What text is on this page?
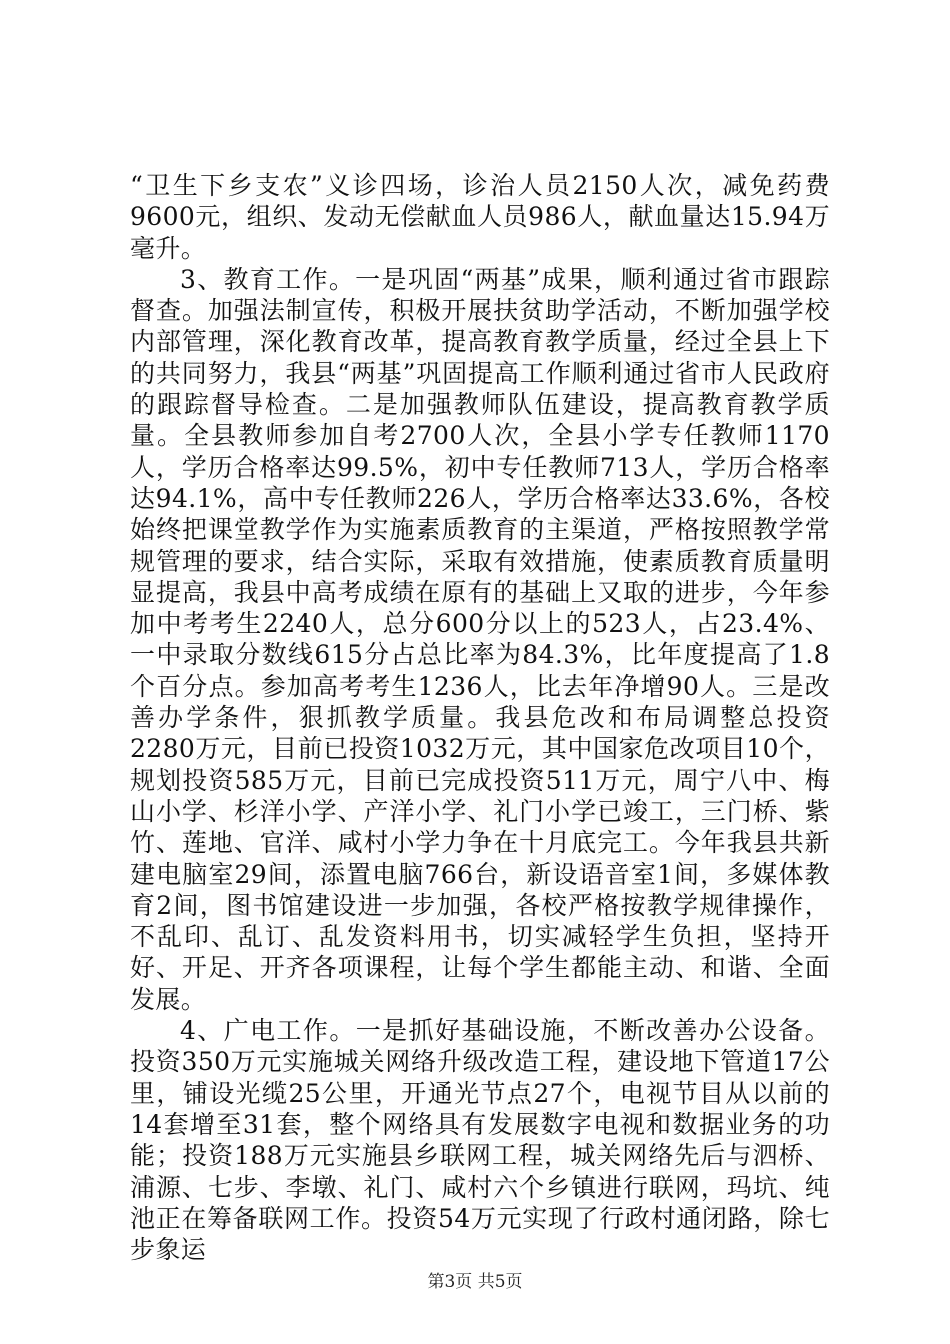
“卫生下乡支农”义诊四场，诊治人员2150人次，减免药费9600元，组织、发动无偿献血人员986人，献血量达15.94万毫升。

3、教育工作。一是巩固“两基”成果，顺利通过省市跟踪督查。加强法制宣传，积极开展扶贫助学活动，不断加强学校内部管理，深化教育改革，提高教育教学质量，经过全县上下的共同努力，我县“两基”巩固提高工作顺利通过省市人民政府的跟踪督导检查。二是加强教师队伍建设，提高教育教学质量。全县教师参加自考2700人次，全县小学专任教师1170人，学历合格率达99.5%，初中专任教师713人，学历合格率达94.1%，高中专任教师226人，学历合格率达33.6%，各校始终把课堂教学作为实施素质教育的主渠道，严格按照教学常规管理的要求，结合实际，采取有效措施，使素质教育质量明显提高，我县中高考成绩在原有的基础上又取的进步，今年参加中考考生2240人，总分600分以上的523人，占23.4%、一中录取分数线615分占总比率为84.3%，比年度提高了1.8个百分点。参加高考考生1236人，比去年净增90人。三是改善办学条件，狠抓教学质量。我县危改和布局调整总投资2280万元，目前已投资1032万元，其中国家危改项目10个，规划投资585万元，目前已完成投资511万元，周宁八中、梅山小学、杉洋小学、产洋小学、礼门小学已竣工，三门桥、紫竹、莲地、官洋、咸村小学力争在十月底完工。今年我县共新建电脑室29间，添置电脑766台，新设语音室1间，多媒体教育2间，图书馆建设进一步加强，各校严格按教学规律操作，不乱印、乱订、乱发资料用书，切实减轻学生负担，坚持开好、开足、开齐各项课程，让每个学生都能主动、和谐、全面发展。

4、广电工作。一是抓好基础设施，不断改善办公设备。投资350万元实施城关网络升级改造工程，建设地下管道17公里，铺设光缆25公里，开通光节点27个，电视节目从以前的14套增至31套，整个网络具有发展数字电视和数据业务的功能；投资188万元实施县乡联网工程，城关网络先后与泗桥、浦源、七步、李墩、礼门、咸村六个乡镇进行联网，玛坑、纯池正在筹备联网工作。投资54万元实现了行政村通闭路，除七步象运

第3页 共5页
